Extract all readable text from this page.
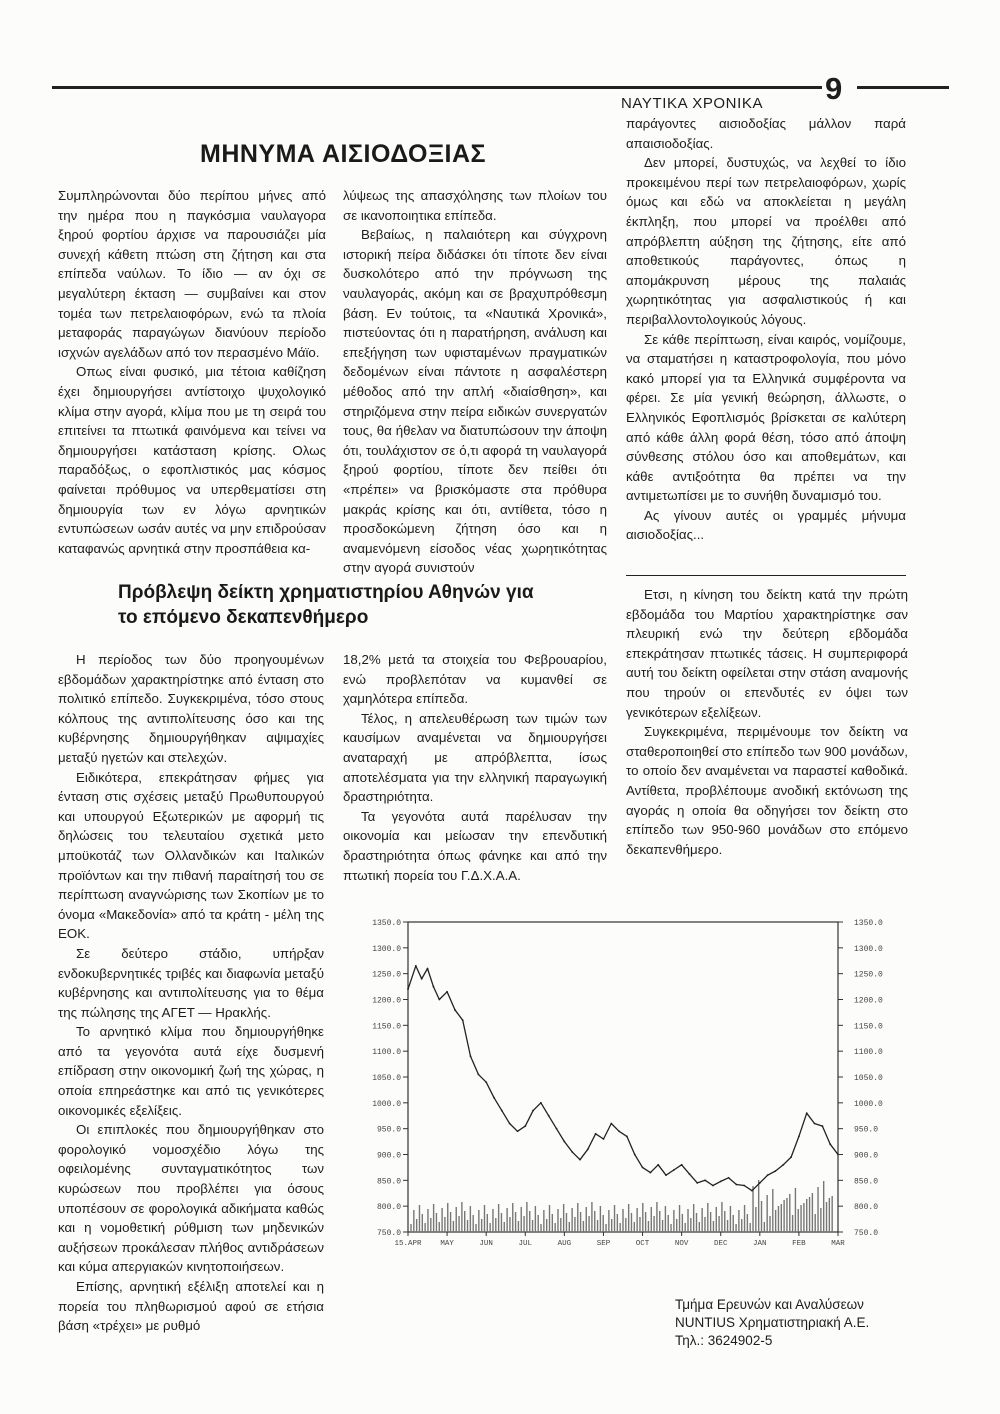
ΝΑΥΤΙΚΑ ΧΡΟΝΙΚΑ 9
ΜΗΝΥΜΑ ΑΙΣΙΟΔΟΞΙΑΣ

Συμπληρώνονται δύο περίπου μήνες από την ημέρα που η παγκόσμια ναυλαγορα ξηρού φορτίου άρχισε να παρουσιάζει μία συνεχή κάθετη πτώση στη ζήτηση και στα επίπεδα ναύλων. Το ίδιο — αν όχι σε μεγαλύτερη έκταση — συμβαίνει και στον τομέα των πετρελαιοφόρων, ενώ τα πλοία μεταφοράς παραγώγων διανύουν περίοδο ισχνών αγελάδων από τον περασμένο Μάϊο.

Οπως είναι φυσικό, μια τέτοια καθίζηση έχει δημιουργήσει αντίστοιχο ψυχολογικό κλίμα στην αγορά, κλίμα που με τη σειρά του επιτείνει τα πτωτικά φαινόμενα και τείνει να δημιουργήσει κατάσταση κρίσης. Ολως παραδόξως, ο εφοπλιστικός μας κόσμος φαίνεται πρόθυμος να υπερθεματίσει στη δημιουργία των εν λόγω αρνητικών εντυπώσεων ωσάν αυτές να μην επιδρούσαν καταφανώς αρνητικά στην προσπάθεια κα-

λύψεως της απασχόλησης των πλοίων του σε ικανοποιητικα επίπεδα.

Βεβαίως, η παλαιότερη και σύγχρονη ιστορική πείρα διδάσκει ότι τίποτε δεν είναι δυσκολότερο από την πρόγνωση της ναυλαγοράς, ακόμη και σε βραχυπρόθεσμη βάση. Εν τούτοις, τα «Ναυτικά Χρονικά», πιστεύοντας ότι η παρατήρηση, ανάλυση και επεξήγηση των υφισταμένων πραγματικών δεδομένων είναι πάντοτε η ασφαλέστερη μέθοδος από την απλή «διαίσθηση», και στηριζόμενα στην πείρα ειδικών συνεργατών τους, θα ήθελαν να διατυπώσουν την άποψη ότι, τουλάχιστον σε ό,τι αφορά τη ναυλαγορά ξηρού φορτίου, τίποτε δεν πείθει ότι «πρέπει» να βρισκόμαστε στα πρόθυρα μακράς κρίσης και ότι, αντίθετα, τόσο η προσδοκώμενη ζήτηση όσο και η αναμενόμενη είσοδος νέας χωρητικότητας στην αγορά συνιστούν

παράγοντες αισιοδοξίας μάλλον παρά απαισιοδοξίας.

Δεν μπορεί, δυστυχώς, να λεχθεί το ίδιο προκειμένου περί των πετρελαιοφόρων, χωρίς όμως και εδώ να αποκλείεται η μεγάλη έκπληξη, που μπορεί να προέλθει από απρόβλεπτη αύξηση της ζήτησης, είτε από αποθετικούς παράγοντες, όπως η απομάκρυνση μέρους της παλαιάς χωρητικότητας για ασφαλιστικούς ή και περιβαλλοντολογικούς λόγους.

Σε κάθε περίπτωση, είναι καιρός, νομίζουμε, να σταματήσει η καταστροφολογία, που μόνο κακό μπορεί για τα Ελληνικά συμφέροντα να φέρει. Σε μία γενική θεώρηση, άλλωστε, ο Ελληνικός Εφοπλισμός βρίσκεται σε καλύτερη από κάθε άλλη φορά θέση, τόσο από άποψη σύνθεσης στόλου όσο και αποθεμάτων, και κάθε αντιξοότητα θα πρέπει να την αντιμετωπίσει με το συνήθη δυναμισμό του.

Ας γίνουν αυτές οι γραμμές μήνυμα αισιοδοξίας...

Πρόβλεψη δείκτη χρηματιστηρίου Αθηνών για
το επόμενο δεκαπενθήμερο

Η περίοδος των δύο προηγουμένων εβδομάδων χαρακτηρίστηκε από ένταση στο πολιτικό επίπεδο. Συγκεκριμένα, τόσο στους κόλπους της αντιπολίτευσης όσο και της κυβέρνησης δημιουργήθηκαν αψιμαχίες μεταξύ ηγετών και στελεχών.

Ειδικότερα, επεκράτησαν φήμες για ένταση στις σχέσεις μεταξύ Πρωθυπουργού και υπουργού Εξωτερικών με αφορμή τις δηλώσεις του τελευταίου σχετικά μετο μποϋκοτάζ των Ολλανδικών και Ιταλικών προϊόντων και την πιθανή παραίτησή του σε περίπτωση αναγνώρισης των Σκοπίων με το όνομα «Μακεδονία» από τα κράτη - μέλη της ΕΟΚ.

Σε δεύτερο στάδιο, υπήρξαν ενδοκυβερνητικές τριβές και διαφωνία μεταξύ κυβέρνησης και αντιπολίτευσης για το θέμα της πώλησης της ΑΓΕΤ — Ηρακλής.

Το αρνητικό κλίμα που δημιουργήθηκε από τα γεγονότα αυτά είχε δυσμενή επίδραση στην οικονομική ζωή της χώρας, η οποία επηρεάστηκε και από τις γενικότερες οικονομικές εξελίξεις.

Οι επιπλοκές που δημιουργήθηκαν στο φορολογικό νομοσχέδιο λόγω της οφειλομένης συνταγματικότητος των κυρώσεων που προβλέπει για όσους υποπέσουν σε φορολογικά αδικήματα καθώς και η νομοθετική ρύθμιση των μηδενικών αυξήσεων προκάλεσαν πλήθος αντιδράσεων και κύμα απεργιακών κινητοποιήσεων.

Επίσης, αρνητική εξέλιξη αποτελεί και η πορεία του πληθωρισμού αφού σε ετήσια βάση «τρέχει» με ρυθμό

18,2% μετά τα στοιχεία του Φεβρουαρίου, ενώ προβλεπόταν να κυμανθεί σε χαμηλότερα επίπεδα.

Τέλος, η απελευθέρωση των τιμών των καυσίμων αναμένεται να δημιουργήσει αναταραχή με απρόβλεπτα, ίσως αποτελέσματα για την ελληνική παραγωγική δραστηριότητα.

Τα γεγονότα αυτά παρέλυσαν την οικονομία και μείωσαν την επενδυτική δραστηριότητα όπως φάνηκε και από την πτωτική πορεία του Γ.Δ.Χ.Α.Α.

Ετσι, η κίνηση του δείκτη κατά την πρώτη εβδομάδα του Μαρτίου χαρακτηρίστηκε σαν πλευρική ενώ την δεύτερη εβδομάδα επεκράτησαν πτωτικές τάσεις. Η συμπεριφορά αυτή του δείκτη οφείλεται στην στάση αναμονής που τηρούν οι επενδυτές εν όψει των γενικότερων εξελίξεων.

Συγκεκριμένα, περιμένουμε τον δείκτη να σταθεροποιηθεί στο επίπεδο των 900 μονάδων, το οποίο δεν αναμένεται να παραστεί καθοδικά. Αντίθετα, προβλέπουμε ανοδική εκτόνωση της αγοράς η οποία θα οδηγήσει τον δείκτη στο επίπεδο των 950-960 μονάδων στο επόμενο δεκαπενθήμερο.

1350.0
1300.0
1250.0
1200.0
1150.0
1100.0
1050.0
1000.0
950.0
900.0
850.0
800.0
750.0
1350.0
1300.0
1250.0
1200.0
1150.0
1100.0
1050.0
1000.0
950.0
900.0
850.0
800.0
750.0
15.APR	MAY	JUN	JUL	AUG	SEP	OCT	NOV	DEC	JAN	FEB	MAR
Τμήμα Ερευνών και Αναλύσεων
NUNTIUS Χρηματιστηριακή Α.Ε.
Τηλ.: 3624902-5
